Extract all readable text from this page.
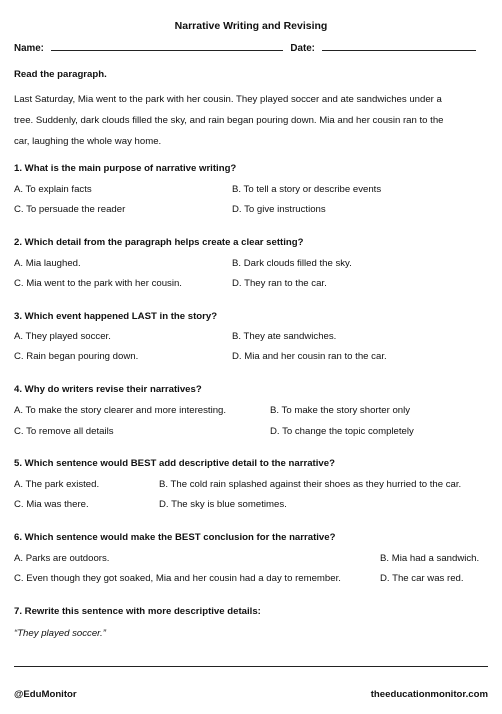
Narrative Writing and Revising
Name:	Date:
Read the paragraph.
Last Saturday, Mia went to the park with her cousin. They played soccer and ate sandwiches under a
tree. Suddenly, dark clouds filled the sky, and rain began pouring down. Mia and her cousin ran to the
car, laughing the whole way home.
1. What is the main purpose of narrative writing?
A. To explain facts	B. To tell a story or describe events
C. To persuade the reader	D. To give instructions
2. Which detail from the paragraph helps create a clear setting?
A. Mia laughed.	B. Dark clouds filled the sky.
C. Mia went to the park with her cousin.	D. They ran to the car.
3. Which event happened LAST in the story?
A. They played soccer.	B. They ate sandwiches.
C. Rain began pouring down.	D. Mia and her cousin ran to the car.
4. Why do writers revise their narratives?
A. To make the story clearer and more interesting.	B. To make the story shorter only
C. To remove all details	D. To change the topic completely
5. Which sentence would BEST add descriptive detail to the narrative?
A. The park existed.	B. The cold rain splashed against their shoes as they hurried to the car.
C. Mia was there.	D. The sky is blue sometimes.
6. Which sentence would make the BEST conclusion for the narrative?
A. Parks are outdoors.	B. Mia had a sandwich.
C. Even though they got soaked, Mia and her cousin had a day to remember.	D. The car was red.
7. Rewrite this sentence with more descriptive details:
“They played soccer.”
@EduMonitor	theeducationmonitor.com
